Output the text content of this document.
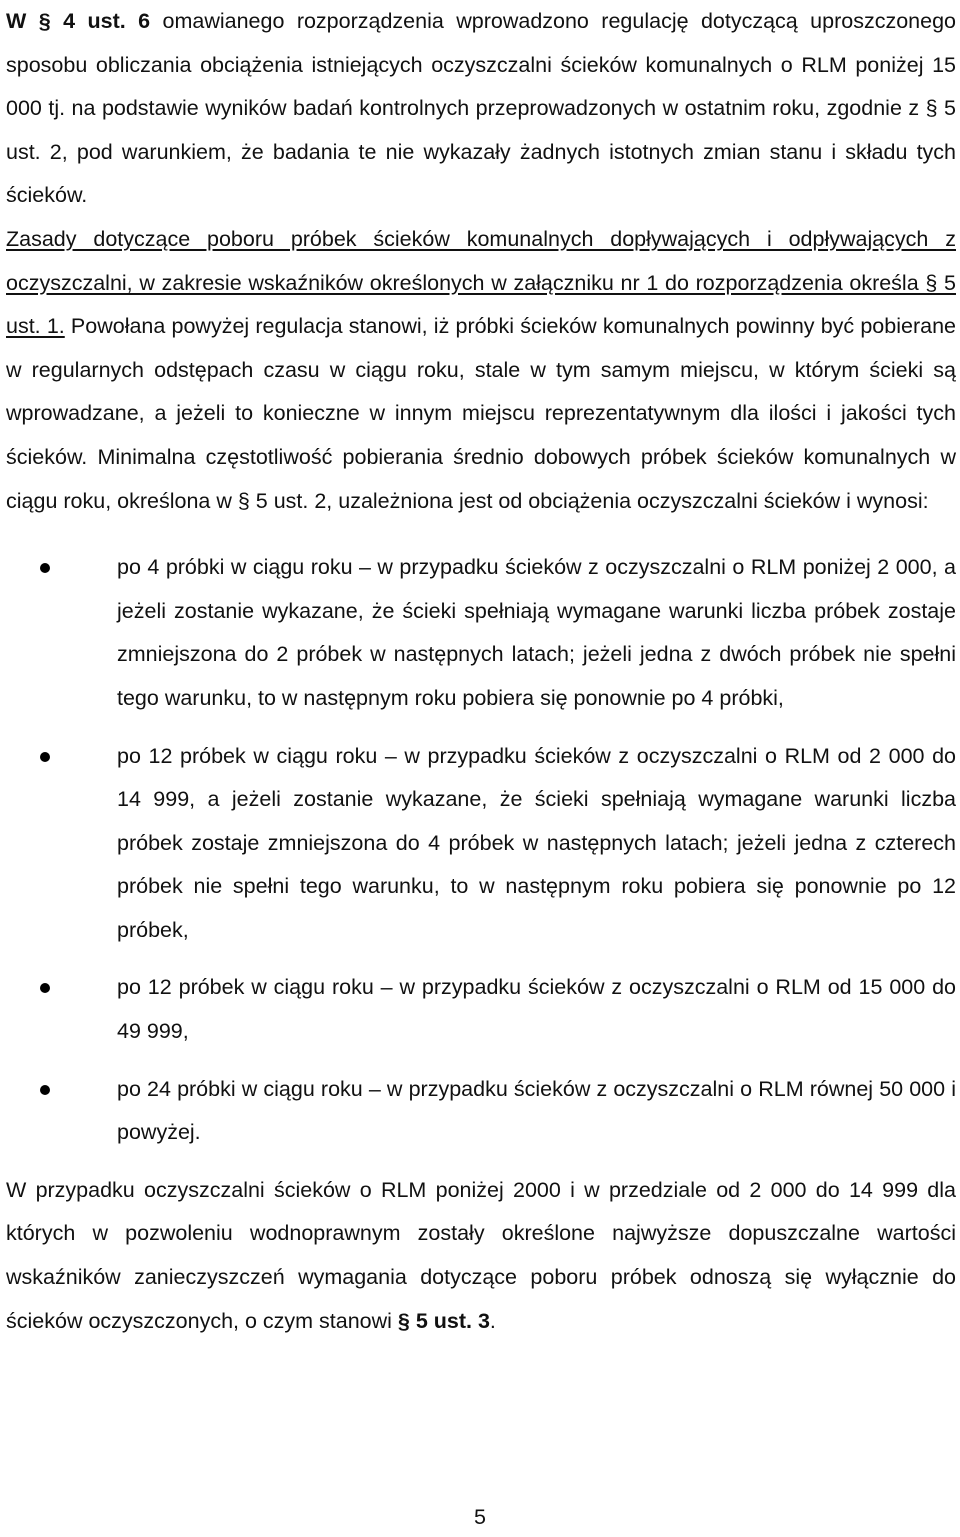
W § 4 ust. 6 omawianego rozporządzenia wprowadzono regulację dotyczącą uproszczonego sposobu obliczania obciążenia istniejących oczyszczalni ścieków komunalnych o RLM poniżej 15 000 tj. na podstawie wyników badań kontrolnych przeprowadzonych w ostatnim roku, zgodnie z § 5 ust. 2, pod warunkiem, że badania te nie wykazały żadnych istotnych zmian stanu i składu tych ścieków.

Zasady dotyczące poboru próbek ścieków komunalnych dopływających i odpływających z oczyszczalni, w zakresie wskaźników określonych w załączniku nr 1 do rozporządzenia określa § 5 ust. 1. Powołana powyżej regulacja stanowi, iż próbki ścieków komunalnych powinny być pobierane w regularnych odstępach czasu w ciągu roku, stale w tym samym miejscu, w którym ścieki są wprowadzane, a jeżeli to konieczne w innym miejscu reprezentatywnym dla ilości i jakości tych ścieków. Minimalna częstotliwość pobierania średnio dobowych próbek ścieków komunalnych w ciągu roku, określona w § 5 ust. 2, uzależniona jest od obciążenia oczyszczalni ścieków i wynosi:

po 4 próbki w ciągu roku – w przypadku ścieków z oczyszczalni o RLM poniżej 2 000, a jeżeli zostanie wykazane, że ścieki spełniają wymagane warunki liczba próbek zostaje zmniejszona do 2 próbek w następnych latach; jeżeli jedna z dwóch próbek nie spełni tego warunku, to w następnym roku pobiera się ponownie po 4 próbki,
po 12 próbek w ciągu roku – w przypadku ścieków z oczyszczalni o RLM od 2 000 do 14 999, a jeżeli zostanie wykazane, że ścieki spełniają wymagane warunki liczba próbek zostaje zmniejszona do 4 próbek w następnych latach; jeżeli jedna z czterech próbek nie spełni tego warunku, to w następnym roku pobiera się ponownie po 12 próbek,
po 12 próbek w ciągu roku – w przypadku ścieków z oczyszczalni o RLM od 15 000 do 49 999,
po 24 próbki w ciągu roku – w przypadku ścieków z oczyszczalni o RLM równej 50 000 i powyżej.

W przypadku oczyszczalni ścieków o RLM poniżej 2000 i w przedziale od 2 000 do 14 999 dla których w pozwoleniu wodnoprawnym zostały określone najwyższe dopuszczalne wartości wskaźników zanieczyszczeń wymagania dotyczące poboru próbek odnoszą się wyłącznie do ścieków oczyszczonych, o czym stanowi § 5 ust. 3.

5
